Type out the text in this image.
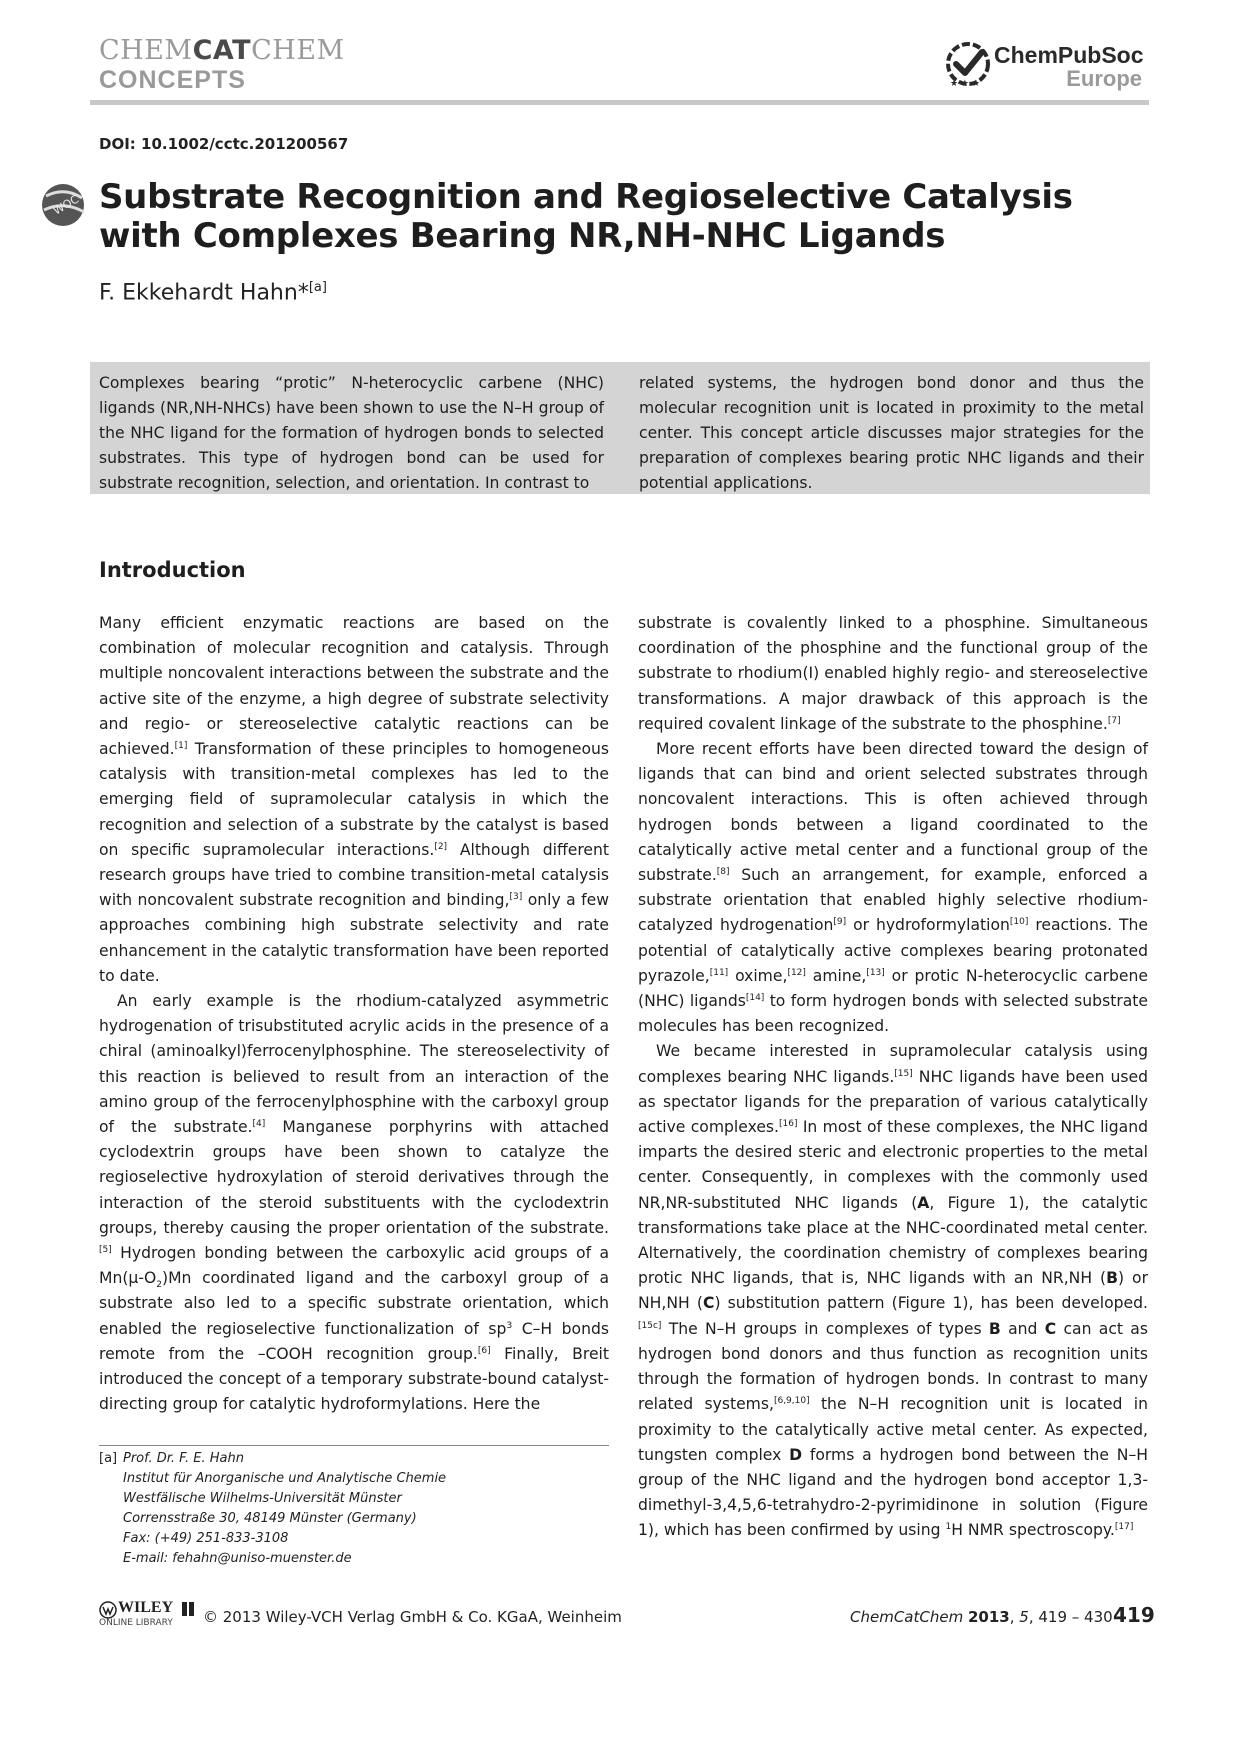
CHEMCATCHEM
CONCEPTS	★ ★ ★
ChemPubSoc
Europe
DOI: 10.1002/cctc.201200567
WOC Substrate Recognition and Regioselective Catalysis with Complexes Bearing NR,NH-NHC Ligands
F. Ekkehardt Hahn*[a]
Complexes bearing “protic” N-heterocyclic carbene (NHC) ligands (NR,NH-NHCs) have been shown to use the N–H group of the NHC ligand for the formation of hydrogen bonds to selected substrates. This type of hydrogen bond can be used for substrate recognition, selection, and orientation. In contrast to
related systems, the hydrogen bond donor and thus the molecular recognition unit is located in proximity to the metal center. This concept article discusses major strategies for the preparation of complexes bearing protic NHC ligands and their potential applications.
Introduction

Many efficient enzymatic reactions are based on the combination of molecular recognition and catalysis. Through multiple noncovalent interactions between the substrate and the active site of the enzyme, a high degree of substrate selectivity and regio- or stereoselective catalytic reactions can be achieved.[1] Transformation of these principles to homogeneous catalysis with transition-metal complexes has led to the emerging field of supramolecular catalysis in which the recognition and selection of a substrate by the catalyst is based on specific supramolecular interactions.[2] Although different research groups have tried to combine transition-metal catalysis with noncovalent substrate recognition and binding,[3] only a few approaches combining high substrate selectivity and rate enhancement in the catalytic transformation have been reported to date.

An early example is the rhodium-catalyzed asymmetric hydrogenation of trisubstituted acrylic acids in the presence of a chiral (aminoalkyl)ferrocenylphosphine. The stereoselectivity of this reaction is believed to result from an interaction of the amino group of the ferrocenylphosphine with the carboxyl group of the substrate.[4] Manganese porphyrins with attached cyclodextrin groups have been shown to catalyze the regioselective hydroxylation of steroid derivatives through the interaction of the steroid substituents with the cyclodextrin groups, thereby causing the proper orientation of the substrate.[5] Hydrogen bonding between the carboxylic acid groups of a $Mn(\mu-O_2)Mn$ coordinated ligand and the carboxyl group of a substrate also led to a specific substrate orientation, which enabled the regioselective functionalization of $sp^3$ C–H bonds remote from the –COOH recognition group.[6] Finally, Breit introduced the concept of a temporary substrate-bound catalyst-directing group for catalytic hydroformylations. Here the

substrate is covalently linked to a phosphine. Simultaneous coordination of the phosphine and the functional group of the substrate to rhodium(I) enabled highly regio- and stereoselective transformations. A major drawback of this approach is the required covalent linkage of the substrate to the phosphine.[7]

More recent efforts have been directed toward the design of ligands that can bind and orient selected substrates through noncovalent interactions. This is often achieved through hydrogen bonds between a ligand coordinated to the catalytically active metal center and a functional group of the substrate.[8] Such an arrangement, for example, enforced a substrate orientation that enabled highly selective rhodium-catalyzed hydrogenation[9] or hydroformylation[10] reactions. The potential of catalytically active complexes bearing protonated pyrazole,[11] oxime,[12] amine,[13] or protic N-heterocyclic carbene (NHC) ligands[14] to form hydrogen bonds with selected substrate molecules has been recognized.

We became interested in supramolecular catalysis using complexes bearing NHC ligands.[15] NHC ligands have been used as spectator ligands for the preparation of various catalytically active complexes.[16] In most of these complexes, the NHC ligand imparts the desired steric and electronic properties to the metal center. Consequently, in complexes with the commonly used NR,NR-substituted NHC ligands (A, Figure 1), the catalytic transformations take place at the NHC-coordinated metal center. Alternatively, the coordination chemistry of complexes bearing protic NHC ligands, that is, NHC ligands with an NR,NH (B) or NH,NH (C) substitution pattern (Figure 1), has been developed.[15c] The N–H groups in complexes of types B and C can act as hydrogen bond donors and thus function as recognition units through the formation of hydrogen bonds. In contrast to many related systems,[6,9,10] the N–H recognition unit is located in proximity to the catalytically active metal center. As expected, tungsten complex D forms a hydrogen bond between the N–H group of the NHC ligand and the hydrogen bond acceptor 1,3-dimethyl-3,4,5,6-tetrahydro-2-pyrimidinone in solution (Figure 1), which has been confirmed by using $^1$H NMR spectroscopy.[17]

[a] Prof. Dr. F. E. Hahn
Institut für Anorganische und Analytische Chemie
Westfälische Wilhelms-Universität Münster
Corrensstraße 30, 48149 Münster (Germany)
Fax: (+49) 251-833-3108
E-mail: fehahn@uniso-muenster.de
WILEY
ONLINE LIBRARY © 2013 Wiley-VCH Verlag GmbH & Co. KGaA, Weinheim	ChemCatChem 2013, 5, 419 – 430 419
